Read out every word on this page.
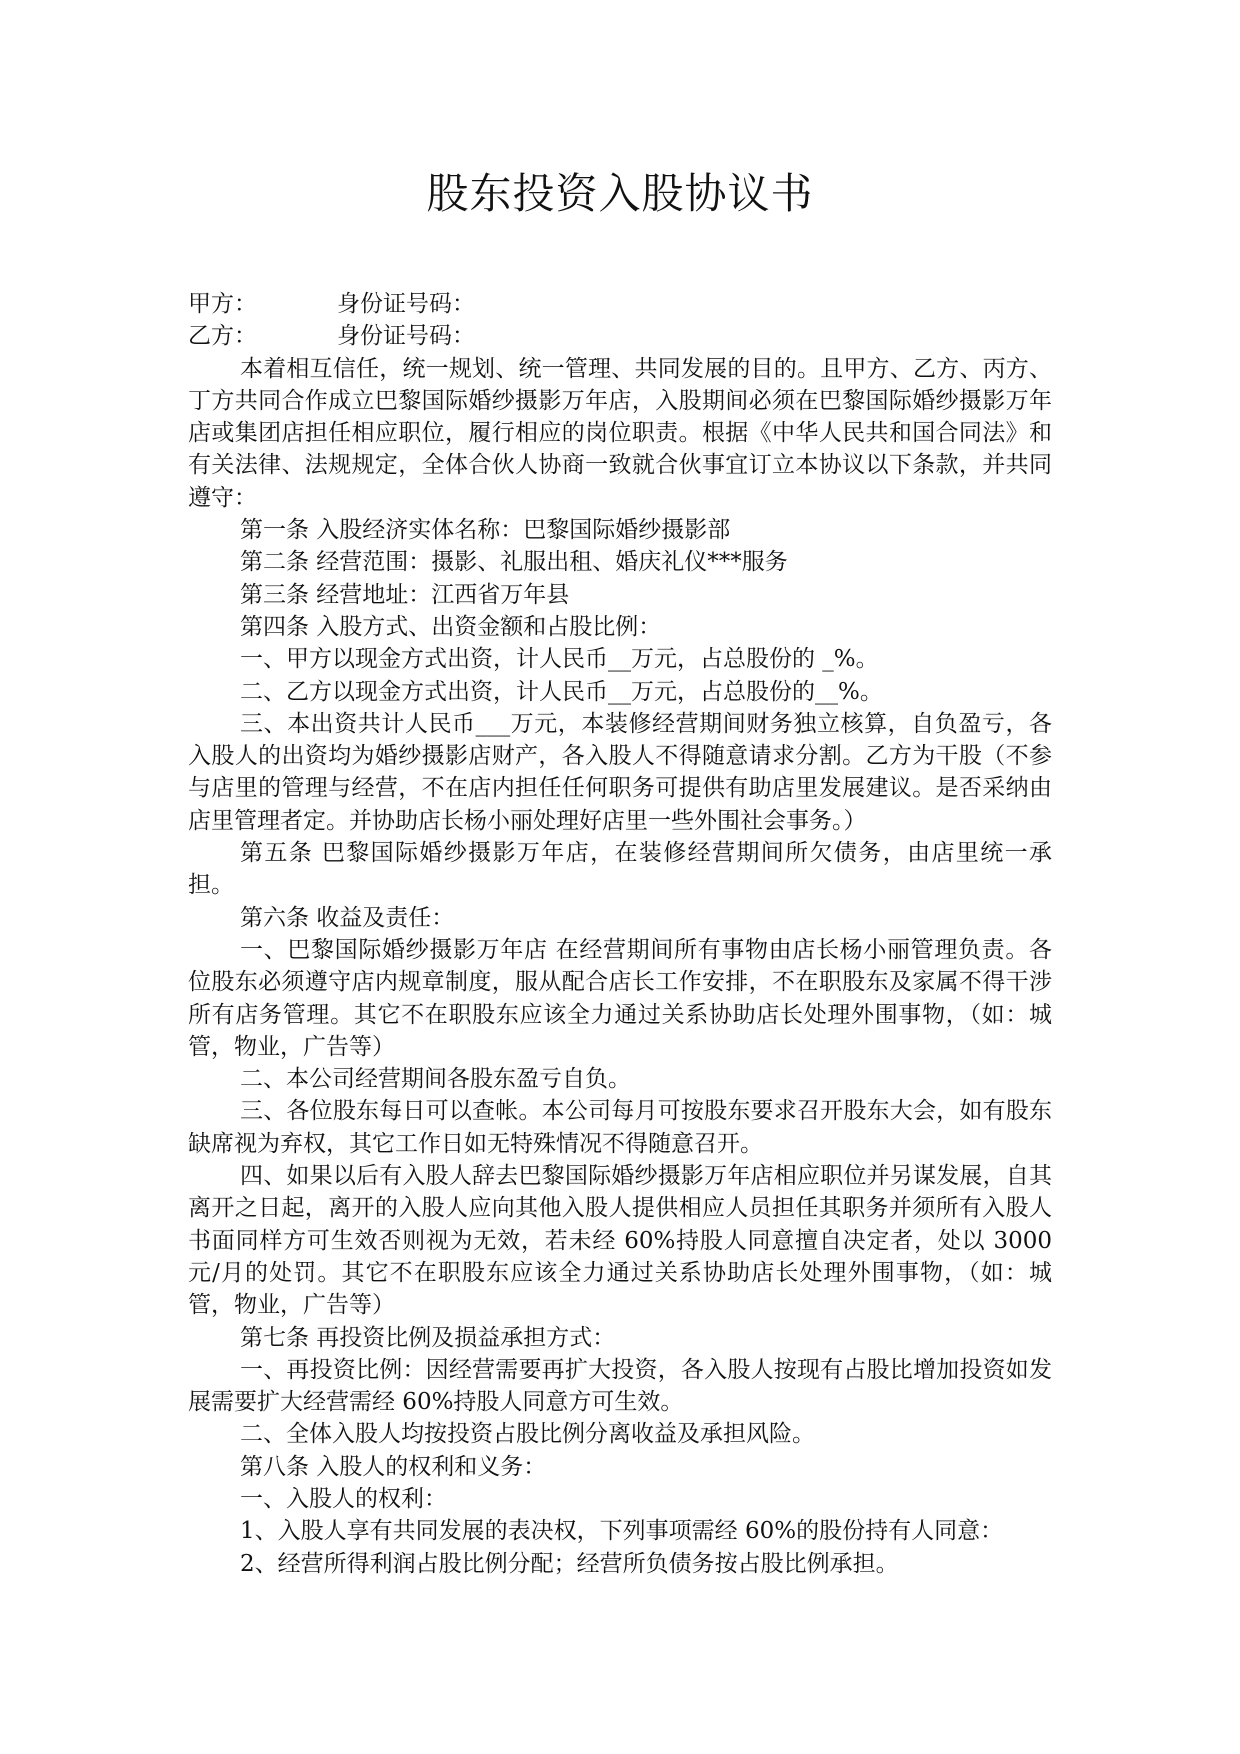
股东投资入股协议书

甲方：	身份证号码：

乙方：	身份证号码：

本着相互信任，统一规划、统一管理、共同发展的目的。且甲方、乙方、丙方、丁方共同合作成立巴黎国际婚纱摄影万年店，入股期间必须在巴黎国际婚纱摄影万年店或集团店担任相应职位，履行相应的岗位职责。根据《中华人民共和国合同法》和有关法律、法规规定，全体合伙人协商一致就合伙事宜订立本协议以下条款，并共同遵守：

第一条 入股经济实体名称：巴黎国际婚纱摄影部

第二条 经营范围：摄影、礼服出租、婚庆礼仪***服务

第三条 经营地址：江西省万年县

第四条 入股方式、出资金额和占股比例：

一、甲方以现金方式出资，计人民币__万元，占总股份的 _%。

二、乙方以现金方式出资，计人民币__万元，占总股份的__%。

三、本出资共计人民币___万元，本装修经营期间财务独立核算，自负盈亏，各入股人的出资均为婚纱摄影店财产，各入股人不得随意请求分割。乙方为干股（不参与店里的管理与经营，不在店内担任任何职务可提供有助店里发展建议。是否采纳由店里管理者定。并协助店长杨小丽处理好店里一些外围社会事务。）

第五条 巴黎国际婚纱摄影万年店，在装修经营期间所欠债务，由店里统一承担。

第六条 收益及责任：

一、巴黎国际婚纱摄影万年店 在经营期间所有事物由店长杨小丽管理负责。各位股东必须遵守店内规章制度，服从配合店长工作安排，不在职股东及家属不得干涉所有店务管理。其它不在职股东应该全力通过关系协助店长处理外围事物，（如：城管，物业，广告等）

二、本公司经营期间各股东盈亏自负。

三、各位股东每日可以查帐。本公司每月可按股东要求召开股东大会，如有股东缺席视为弃权，其它工作日如无特殊情况不得随意召开。

四、如果以后有入股人辞去巴黎国际婚纱摄影万年店相应职位并另谋发展，自其离开之日起，离开的入股人应向其他入股人提供相应人员担任其职务并须所有入股人书面同样方可生效否则视为无效，若未经 60%持股人同意擅自决定者，处以 3000 元/月的处罚。其它不在职股东应该全力通过关系协助店长处理外围事物，（如：城管，物业，广告等）

第七条 再投资比例及损益承担方式：

一、再投资比例：因经营需要再扩大投资，各入股人按现有占股比增加投资如发展需要扩大经营需经 60%持股人同意方可生效。

二、全体入股人均按投资占股比例分离收益及承担风险。

第八条 入股人的权利和义务：

一、入股人的权利：

1、入股人享有共同发展的表决权，下列事项需经 60%的股份持有人同意：

2、经营所得利润占股比例分配；经营所负债务按占股比例承担。
